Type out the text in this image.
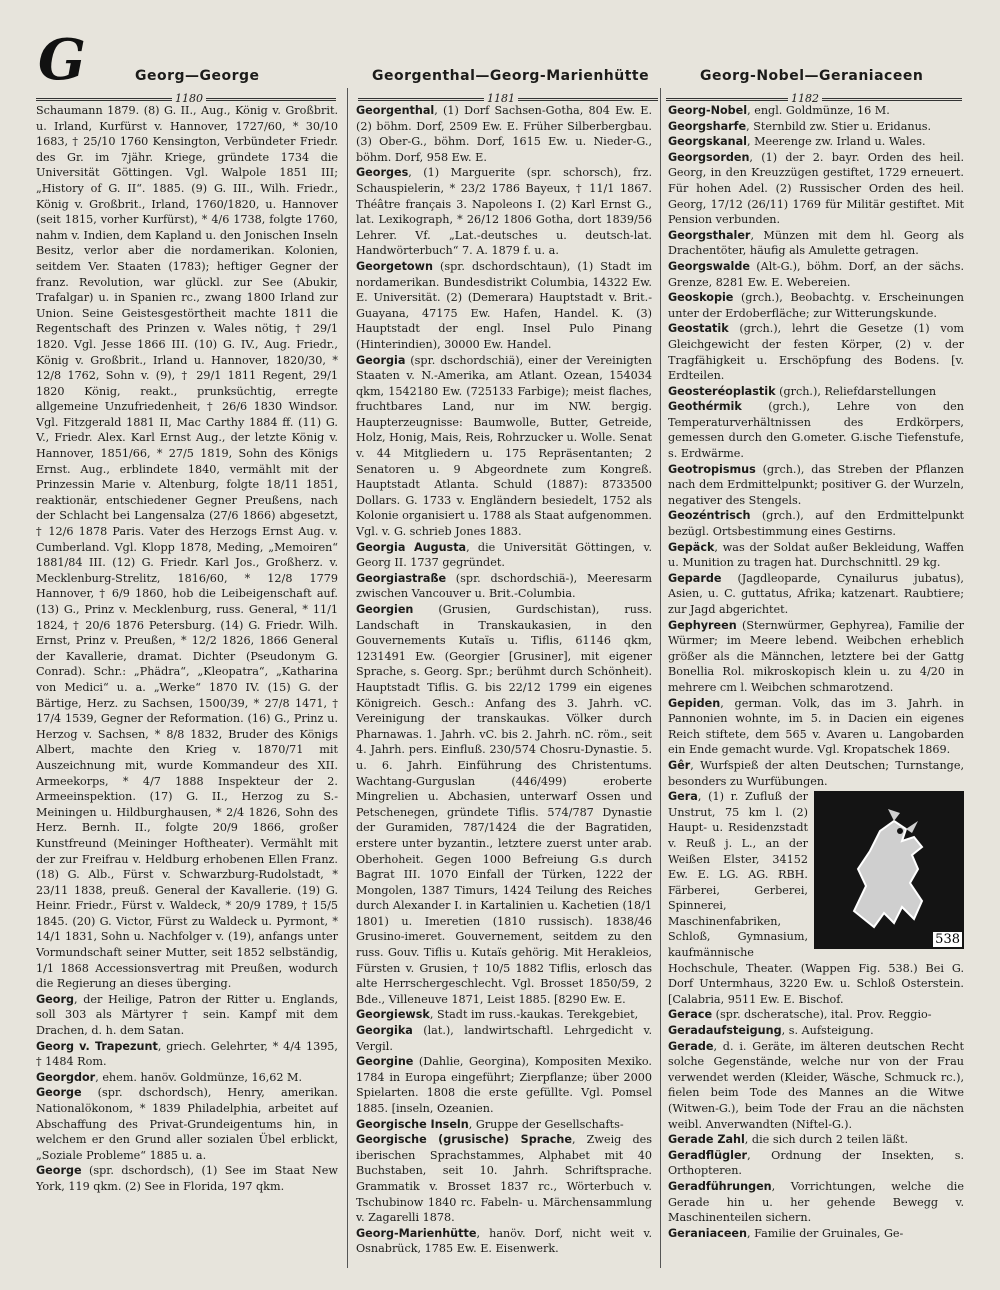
G	Georg—George	Georgenthal—Georg-Marienhütte	Georg-Nobel—Geraniaceen
1180	1181	1182

Schaumann 1879. (8) G. II., Aug., König v. Großbrit. u. Irland, Kurfürst v. Hannover, 1727/60, * 30/10 1683, † 25/10 1760 Kensington, Verbündeter Friedr. des Gr. im 7jähr. Kriege, gründete 1734 die Universität Göttingen. Vgl. Walpole 1851 III; „History of G. II“. 1885. (9) G. III., Wilh. Friedr., König v. Großbrit., Irland, 1760/1820, u. Hannover (seit 1815, vorher Kurfürst), * 4/6 1738, folgte 1760, nahm v. Indien, dem Kapland u. den Jonischen Inseln Besitz, verlor aber die nordamerikan. Kolonien, seitdem Ver. Staaten (1783); heftiger Gegner der franz. Revolution, war glückl. zur See (Abukir, Trafalgar) u. in Spanien rc., zwang 1800 Irland zur Union. Seine Geistesgestörtheit machte 1811 die Regentschaft des Prinzen v. Wales nötig, † 29/1 1820. Vgl. Jesse 1866 III. (10) G. IV., Aug. Friedr., König v. Großbrit., Irland u. Hannover, 1820/30, * 12/8 1762, Sohn v. (9), † 29/1 1811 Regent, 29/1 1820 König, reakt., prunksüchtig, erregte allgemeine Unzufriedenheit, † 26/6 1830 Windsor. Vgl. Fitzgerald 1881 II, Mac Carthy 1884 ff. (11) G. V., Friedr. Alex. Karl Ernst Aug., der letzte König v. Hannover, 1851/66, * 27/5 1819, Sohn des Königs Ernst. Aug., erblindete 1840, vermählt mit der Prinzessin Marie v. Altenburg, folgte 18/11 1851, reaktionär, entschiedener Gegner Preußens, nach der Schlacht bei Langensalza (27/6 1866) abgesetzt, † 12/6 1878 Paris. Vater des Herzogs Ernst Aug. v. Cumberland. Vgl. Klopp 1878, Meding, „Memoiren“ 1881/84 III. (12) G. Friedr. Karl Jos., Großherz. v. Mecklenburg-Strelitz, 1816/60, * 12/8 1779 Hannover, † 6/9 1860, hob die Leibeigenschaft auf. (13) G., Prinz v. Mecklenburg, russ. General, * 11/1 1824, † 20/6 1876 Petersburg. (14) G. Friedr. Wilh. Ernst, Prinz v. Preußen, * 12/2 1826, 1866 General der Kavallerie, dramat. Dichter (Pseudonym G. Conrad). Schr.: „Phädra“, „Kleopatra“, „Katharina von Medici“ u. a. „Werke“ 1870 IV. (15) G. der Bärtige, Herz. zu Sachsen, 1500/39, * 27/8 1471, † 17/4 1539, Gegner der Reformation. (16) G., Prinz u. Herzog v. Sachsen, * 8/8 1832, Bruder des Königs Albert, machte den Krieg v. 1870/71 mit Auszeichnung mit, wurde Kommandeur des XII. Armeekorps, * 4/7 1888 Inspekteur der 2. Armeeinspektion. (17) G. II., Herzog zu S.-Meiningen u. Hildburghausen, * 2/4 1826, Sohn des Herz. Bernh. II., folgte 20/9 1866, großer Kunstfreund (Meininger Hoftheater). Vermählt mit der zur Freifrau v. Heldburg erhobenen Ellen Franz. (18) G. Alb., Fürst v. Schwarzburg-Rudolstadt, * 23/11 1838, preuß. General der Kavallerie. (19) G. Heinr. Friedr., Fürst v. Waldeck, * 20/9 1789, † 15/5 1845. (20) G. Victor, Fürst zu Waldeck u. Pyrmont, * 14/1 1831, Sohn u. Nachfolger v. (19), anfangs unter Vormundschaft seiner Mutter, seit 1852 selbständig, 1/1 1868 Accessionsvertrag mit Preußen, wodurch die Regierung an dieses überging.

Georg, der Heilige, Patron der Ritter u. Englands, soll 303 als Märtyrer † sein. Kampf mit dem Drachen, d. h. dem Satan.

Georg v. Trapezunt, griech. Gelehrter, * 4/4 1395, † 1484 Rom.

Georgdor, ehem. hanöv. Goldmünze, 16,62 M.

George (spr. dschordsch), Henry, amerikan. Nationalökonom, * 1839 Philadelphia, arbeitet auf Abschaffung des Privat-Grundeigentums hin, in welchem er den Grund aller sozialen Übel erblickt, „Soziale Probleme“ 1885 u. a.

George (spr. dschordsch), (1) See im Staat New York, 119 qkm. (2) See in Florida, 197 qkm.

Georgenthal, (1) Dorf Sachsen-Gotha, 804 Ew. E. (2) böhm. Dorf, 2509 Ew. E. Früher Silberbergbau. (3) Ober-G., böhm. Dorf, 1615 Ew. u. Nieder-G., böhm. Dorf, 958 Ew. E.

Georges, (1) Marguerite (spr. schorsch), frz. Schauspielerin, * 23/2 1786 Bayeux, † 11/1 1867. Théâtre français 3. Napoleons I. (2) Karl Ernst G., lat. Lexikograph, * 26/12 1806 Gotha, dort 1839/56 Lehrer. Vf. „Lat.-deutsches u. deutsch-lat. Handwörterbuch“ 7. A. 1879 f. u. a.

Georgetown (spr. dschordschtaun), (1) Stadt im nordamerikan. Bundesdistrikt Columbia, 14322 Ew. E. Universität. (2) (Demerara) Hauptstadt v. Brit.-Guayana, 47175 Ew. Hafen, Handel. K. (3) Hauptstadt der engl. Insel Pulo Pinang (Hinterindien), 30000 Ew. Handel.

Georgia (spr. dschordschiä), einer der Vereinigten Staaten v. N.-Amerika, am Atlant. Ozean, 154034 qkm, 1542180 Ew. (725133 Farbige); meist flaches, fruchtbares Land, nur im NW. bergig. Haupterzeugnisse: Baumwolle, Butter, Getreide, Holz, Honig, Mais, Reis, Rohrzucker u. Wolle. Senat v. 44 Mitgliedern u. 175 Repräsentanten; 2 Senatoren u. 9 Abgeordnete zum Kongreß. Hauptstadt Atlanta. Schuld (1887): 8733500 Dollars. G. 1733 v. Engländern besiedelt, 1752 als Kolonie organisiert u. 1788 als Staat aufgenommen. Vgl. v. G. schrieb Jones 1883.

Georgia Augusta, die Universität Göttingen, v. Georg II. 1737 gegründet.

Georgiastraße (spr. dschordschiä-), Meeresarm zwischen Vancouver u. Brit.-Columbia.

Georgien (Grusien, Gurdschistan), russ. Landschaft in Transkaukasien, in den Gouvernements Kutaïs u. Tiflis, 61146 qkm, 1231491 Ew. (Georgier [Grusiner], mit eigener Sprache, s. Georg. Spr.; berühmt durch Schönheit). Hauptstadt Tiflis. G. bis 22/12 1799 ein eigenes Königreich. Gesch.: Anfang des 3. Jahrh. vC. Vereinigung der transkaukas. Völker durch Pharnawas. 1. Jahrh. vC. bis 2. Jahrh. nC. röm., seit 4. Jahrh. pers. Einfluß. 230/574 Chosru-Dynastie. 5. u. 6. Jahrh. Einführung des Christentums. Wachtang-Gurguslan (446/499) eroberte Mingrelien u. Abchasien, unterwarf Ossen und Petschenegen, gründete Tiflis. 574/787 Dynastie der Guramiden, 787/1424 die der Bagratiden, erstere unter byzantin., letztere zuerst unter arab. Oberhoheit. Gegen 1000 Befreiung G.s durch Bagrat III. 1070 Einfall der Türken, 1222 der Mongolen, 1387 Timurs, 1424 Teilung des Reiches durch Alexander I. in Kartalinien u. Kachetien (18/1 1801) u. Imeretien (1810 russisch). 1838/46 Grusino-imeret. Gouvernement, seitdem zu den russ. Gouv. Tiflis u. Kutaïs gehörig. Mit Herakleios, Fürsten v. Grusien, † 10/5 1882 Tiflis, erlosch das alte Herrschergeschlecht. Vgl. Brosset 1850/59, 2 Bde., Villeneuve 1871, Leist 1885. [8290 Ew. E.

Georgiewsk, Stadt im russ.-kaukas. Terekgebiet,

Georgika (lat.), landwirtschaftl. Lehrgedicht v. Vergil.

Georgine (Dahlie, Georgina), Kompositen Mexiko. 1784 in Europa eingeführt; Zierpflanze; über 2000 Spielarten. 1808 die erste gefüllte. Vgl. Pomsel 1885. [inseln, Ozeanien.

Georgische Inseln, Gruppe der Gesellschafts-

Georgische (grusische) Sprache, Zweig des iberischen Sprachstammes, Alphabet mit 40 Buchstaben, seit 10. Jahrh. Schriftsprache. Grammatik v. Brosset 1837 rc., Wörterbuch v. Tschubinow 1840 rc. Fabeln- u. Märchensammlung v. Zagarelli 1878.

Georg-Marienhütte, hanöv. Dorf, nicht weit v. Osnabrück, 1785 Ew. E. Eisenwerk.

Georg-Nobel, engl. Goldmünze, 16 M.

Georgsharfe, Sternbild zw. Stier u. Eridanus.

Georgskanal, Meerenge zw. Irland u. Wales.

Georgsorden, (1) der 2. bayr. Orden des heil. Georg, in den Kreuzzügen gestiftet, 1729 erneuert. Für hohen Adel. (2) Russischer Orden des heil. Georg, 17/12 (26/11) 1769 für Militär gestiftet. Mit Pension verbunden.

Georgsthaler, Münzen mit dem hl. Georg als Drachentöter, häufig als Amulette getragen.

Georgswalde (Alt-G.), böhm. Dorf, an der sächs. Grenze, 8281 Ew. E. Webereien.

Geoskopie (grch.), Beobachtg. v. Erscheinungen unter der Erdoberfläche; zur Witterungskunde.

Geostatik (grch.), lehrt die Gesetze (1) vom Gleichgewicht der festen Körper, (2) v. der Tragfähigkeit u. Erschöpfung des Bodens. [v. Erdteilen.

Geosteréoplastik (grch.), Reliefdarstellungen

Geothérmik (grch.), Lehre von den Temperaturverhältnissen des Erdkörpers, gemessen durch den G.ometer. G.ische Tiefenstufe, s. Erdwärme.

Geotropismus (grch.), das Streben der Pflanzen nach dem Erdmittelpunkt; positiver G. der Wurzeln, negativer des Stengels.

Geozéntrisch (grch.), auf den Erdmittelpunkt bezügl. Ortsbestimmung eines Gestirns.

Gepäck, was der Soldat außer Bekleidung, Waffen u. Munition zu tragen hat. Durchschnittl. 29 kg.

Geparde (Jagdleoparde, Cynailurus jubatus), Asien, u. C. guttatus, Afrika; katzenart. Raubtiere; zur Jagd abgerichtet.

Gephyreen (Sternwürmer, Gephyrea), Familie der Würmer; im Meere lebend. Weibchen erheblich größer als die Männchen, letztere bei der Gattg Bonellia Rol. mikroskopisch klein u. zu 4/20 in mehrere cm l. Weibchen schmarotzend.

Gepiden, german. Volk, das im 3. Jahrh. in Pannonien wohnte, im 5. in Dacien ein eigenes Reich stiftete, dem 565 v. Avaren u. Langobarden ein Ende gemacht wurde. Vgl. Kropatschek 1869.

Gêr, Wurfspieß der alten Deutschen; Turnstange, besonders zu Wurfübungen.

538

Gera, (1) r. Zufluß der Unstrut, 75 km l. (2) Haupt- u. Residenzstadt v. Reuß j. L., an der Weißen Elster, 34152 Ew. E. LG. AG. RBH. Färberei, Gerberei, Spinnerei, Maschinenfabriken, Schloß, Gymnasium, kaufmännische Hochschule, Theater. (Wappen Fig. 538.) Bei G. Dorf Untermhaus, 3220 Ew. u. Schloß Osterstein. [Calabria, 9511 Ew. E. Bischof.

Gerace (spr. dscheratsche), ital. Prov. Reggio-

Geradaufsteigung, s. Aufsteigung.

Gerade, d. i. Geräte, im älteren deutschen Recht solche Gegenstände, welche nur von der Frau verwendet werden (Kleider, Wäsche, Schmuck rc.), fielen beim Tode des Mannes an die Witwe (Witwen-G.), beim Tode der Frau an die nächsten weibl. Anverwandten (Niftel-G.).

Gerade Zahl, die sich durch 2 teilen läßt.

Geradflügler, Ordnung der Insekten, s. Orthopteren.

Geradführungen, Vorrichtungen, welche die Gerade hin u. her gehende Bewegg v. Maschinenteilen sichern.

Geraniaceen, Familie der Gruinales, Ge-
